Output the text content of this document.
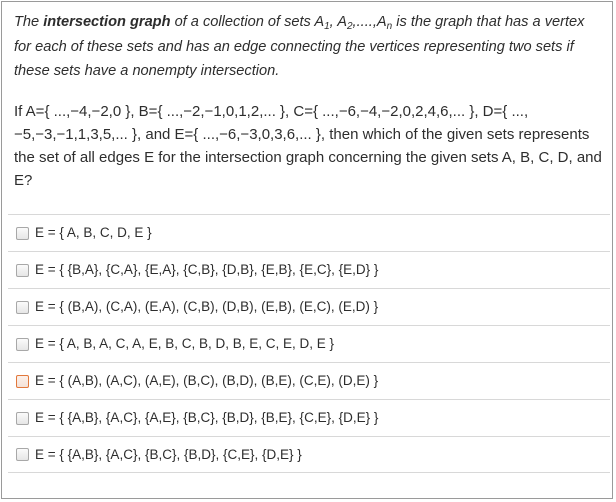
The intersection graph of a collection of sets $A_1$, $A_2,....,A_n$ is the graph that has a vertex for each of these sets and has an edge connecting the vertices representing two sets if these sets have a nonempty intersection.

If A={ ...,−4,−2,0 }, B={ ...,−2,−1,0,1,2,... }, C={ ...,−6,−4,−2,0,2,4,6,... }, D={ ..., −5,−3,−1,1,3,5,... }, and E={ ...,−6,−3,0,3,6,... }, then which of the given sets represents the set of all edges E for the intersection graph concerning the given sets A, B, C, D, and E?

E = { A, B, C, D, E }
E = { {B,A}, {C,A}, {E,A}, {C,B}, {D,B}, {E,B}, {E,C}, {E,D} }
E = { (B,A), (C,A), (E,A), (C,B), (D,B), (E,B), (E,C), (E,D) }
E = { A, B, A, C, A, E, B, C, B, D, B, E, C, E, D, E }
E = { (A,B), (A,C), (A,E), (B,C), (B,D), (B,E), (C,E), (D,E) }
E = { {A,B}, {A,C}, {A,E}, {B,C}, {B,D}, {B,E}, {C,E}, {D,E} }
E = { {A,B}, {A,C}, {B,C}, {B,D}, {C,E}, {D,E} }
